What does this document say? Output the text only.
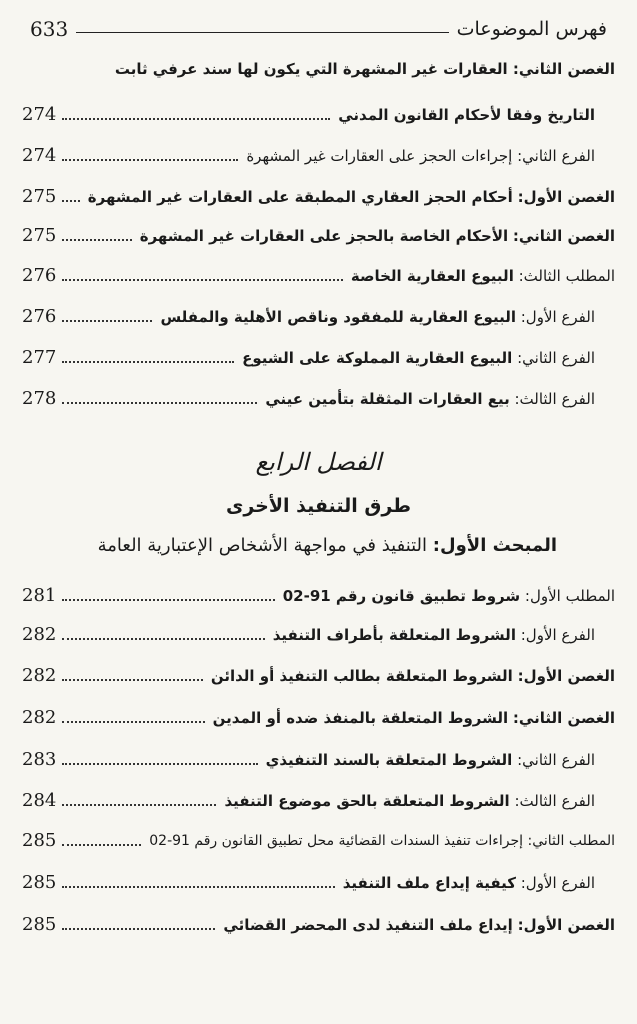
633	فهرس الموضوعات
الغصن الثاني: العقارات غير المشهرة التي يكون لها سند عرفي ثابت
التاريخ وفقا لأحكام القانون المدني
274
الفرع الثاني: إجراءات الحجز على العقارات غير المشهرة
274
الغصن الأول: أحكام الحجز العقاري المطبقة على العقارات غير المشهرة
275
الغصن الثاني: الأحكام الخاصة بالحجز على العقارات غير المشهرة
275
المطلب الثالث: البيوع العقارية الخاصة
276
الفرع الأول: البيوع العقارية للمفقود وناقص الأهلية والمفلس
276
الفرع الثاني: البيوع العقارية المملوكة على الشيوع
277
الفرع الثالث: بيع العقارات المثقلة بتأمين عيني
278
الفصل الرابع
طرق التنفيذ الأخرى
المبحث الأول: التنفيذ في مواجهة الأشخاص الإعتبارية العامة
المطلب الأول: شروط تطبيق قانون رقم 91-02
281
الفرع الأول: الشروط المتعلقة بأطراف التنفيذ
282
الغصن الأول: الشروط المتعلقة بطالب التنفيذ أو الدائن
282
الغصن الثاني: الشروط المتعلقة بالمنفذ ضده أو المدين
282
الفرع الثاني: الشروط المتعلقة بالسند التنفيذي
283
الفرع الثالث: الشروط المتعلقة بالحق موضوع التنفيذ
284
المطلب الثاني: إجراءات تنفيذ السندات القضائية محل تطبيق القانون رقم 91-02
285
الفرع الأول: كيفية إيداع ملف التنفيذ
285
الغصن الأول: إيداع ملف التنفيذ لدى المحضر القضائي
285
